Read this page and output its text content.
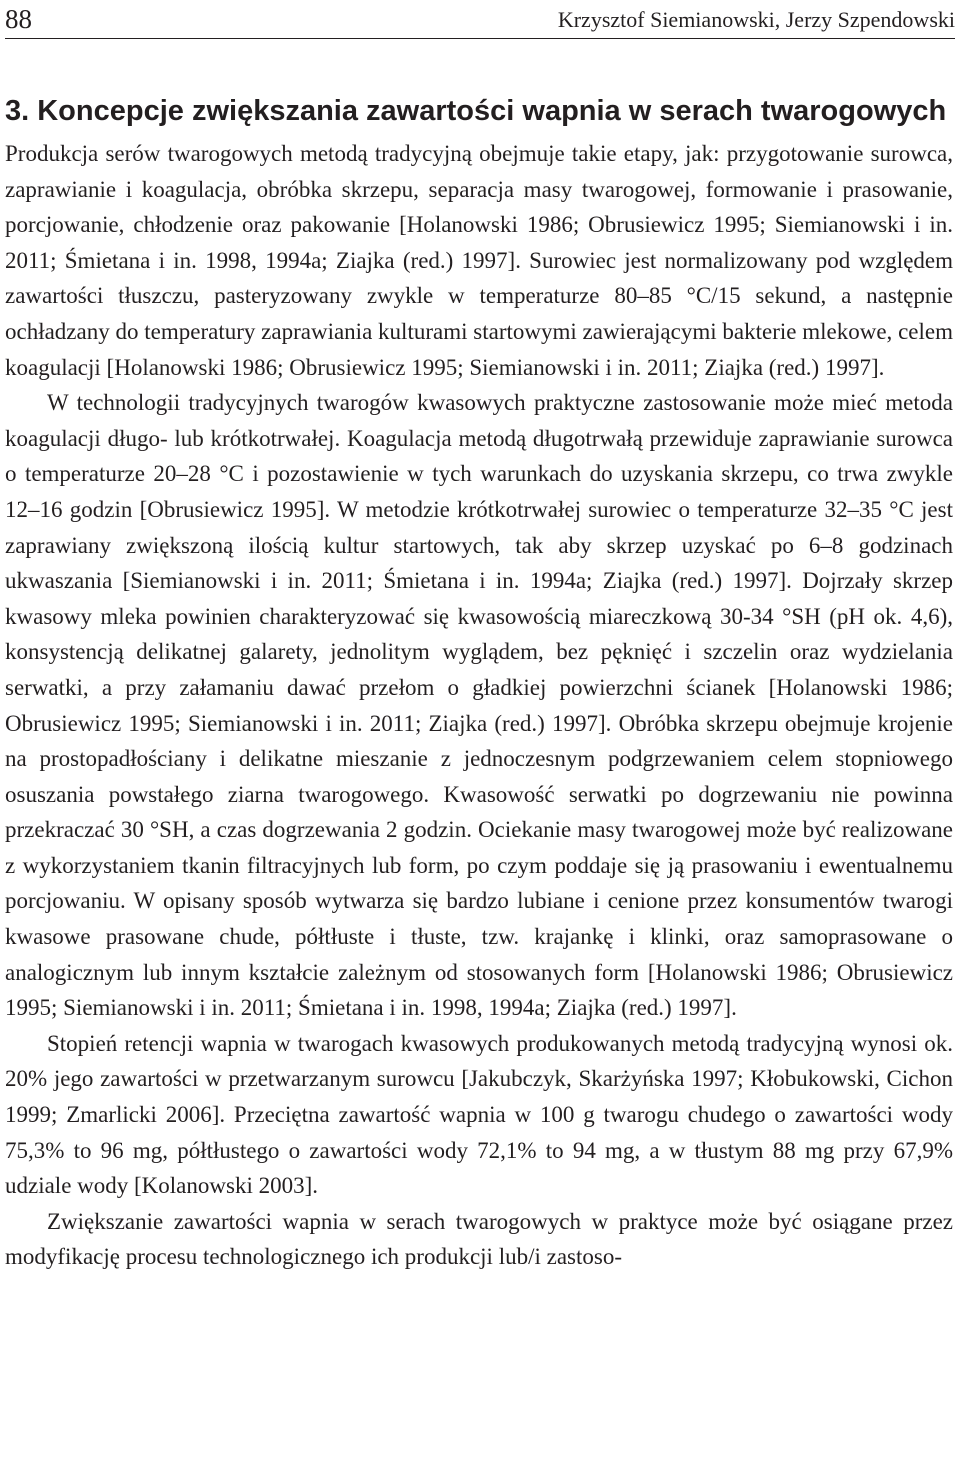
88	Krzysztof Siemianowski, Jerzy Szpendowski
3. Koncepcje zwiększania zawartości wapnia w serach twarogowych

Produkcja serów twarogowych metodą tradycyjną obejmuje takie etapy, jak: przygotowanie surowca, zaprawianie i koagulacja, obróbka skrzepu, separacja masy twarogowej, formowanie i prasowanie, porcjowanie, chłodzenie oraz pakowanie [Holanowski 1986; Obrusiewicz 1995; Siemianowski i in. 2011; Śmietana i in. 1998, 1994a; Ziajka (red.) 1997]. Surowiec jest normalizowany pod względem zawartości tłuszczu, pasteryzowany zwykle w temperaturze 80–85 °C/15 sekund, a następnie ochładzany do temperatury zaprawiania kulturami startowymi zawierającymi bakterie mlekowe, celem koagulacji [Holanowski 1986; Obrusiewicz 1995; Siemianowski i in. 2011; Ziajka (red.) 1997].

W technologii tradycyjnych twarogów kwasowych praktyczne zastosowanie może mieć metoda koagulacji długo- lub krótkotrwałej. Koagulacja metodą długotrwałą przewiduje zaprawianie surowca o temperaturze 20–28 °C i pozostawienie w tych warunkach do uzyskania skrzepu, co trwa zwykle 12–16 godzin [Obrusiewicz 1995]. W metodzie krótkotrwałej surowiec o temperaturze 32–35 °C jest zaprawiany zwiększoną ilością kultur startowych, tak aby skrzep uzyskać po 6–8 godzinach ukwaszania [Siemianowski i in. 2011; Śmietana i in. 1994a; Ziajka (red.) 1997]. Dojrzały skrzep kwasowy mleka powinien charakteryzować się kwasowością miareczkową 30-34 °SH (pH ok. 4,6), konsystencją delikatnej galarety, jednolitym wyglądem, bez pęknięć i szczelin oraz wydzielania serwatki, a przy załamaniu dawać przełom o gładkiej powierzchni ścianek [Holanowski 1986; Obrusiewicz 1995; Siemianowski i in. 2011; Ziajka (red.) 1997]. Obróbka skrzepu obejmuje krojenie na prostopadłościany i delikatne mieszanie z jednoczesnym podgrzewaniem celem stopniowego osuszania powstałego ziarna twarogowego. Kwasowość serwatki po dogrzewaniu nie powinna przekraczać 30 °SH, a czas dogrzewania 2 godzin. Ociekanie masy twarogowej może być realizowane z wykorzystaniem tkanin filtracyjnych lub form, po czym poddaje się ją prasowaniu i ewentualnemu porcjowaniu. W opisany sposób wytwarza się bardzo lubiane i cenione przez konsumentów twarogi kwasowe prasowane chude, półtłuste i tłuste, tzw. krajankę i klinki, oraz samoprasowane o analogicznym lub innym kształcie zależnym od stosowanych form [Holanowski 1986; Obrusiewicz 1995; Siemianowski i in. 2011; Śmietana i in. 1998, 1994a; Ziajka (red.) 1997].

Stopień retencji wapnia w twarogach kwasowych produkowanych metodą tradycyjną wynosi ok. 20% jego zawartości w przetwarzanym surowcu [Jakubczyk, Skarżyńska 1997; Kłobukowski, Cichon 1999; Zmarlicki 2006]. Przeciętna zawartość wapnia w 100 g twarogu chudego o zawartości wody 75,3% to 96 mg, półtłustego o zawartości wody 72,1% to 94 mg, a w tłustym 88 mg przy 67,9% udziale wody [Kolanowski 2003].

Zwiększanie zawartości wapnia w serach twarogowych w praktyce może być osiągane przez modyfikację procesu technologicznego ich produkcji lub/i zastoso-
